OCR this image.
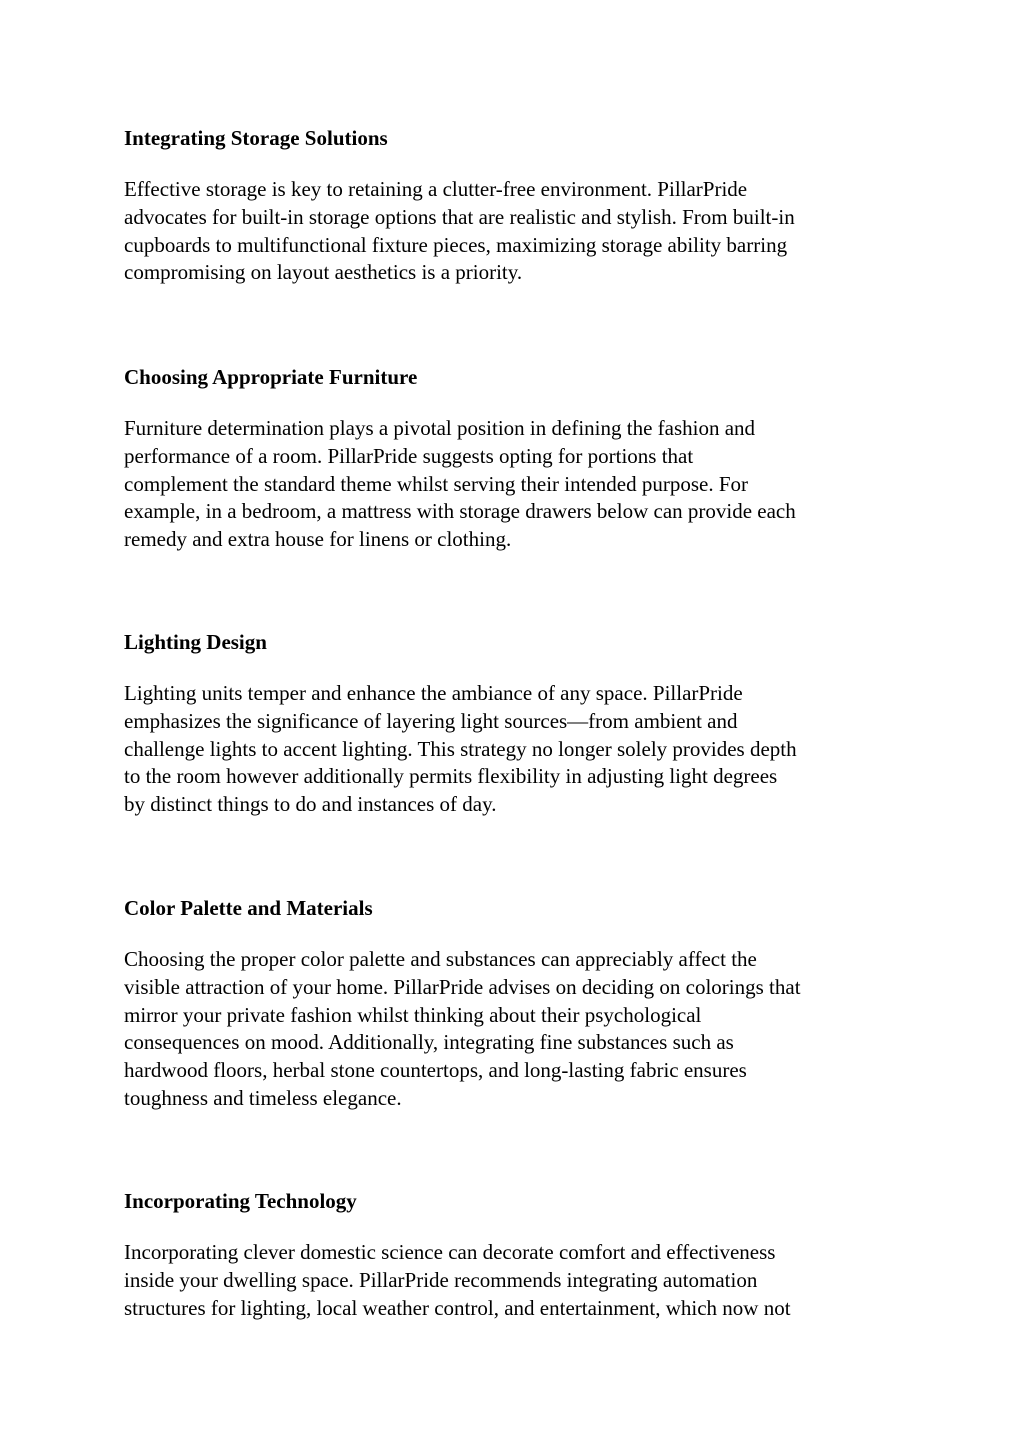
Integrating Storage Solutions

Effective storage is key to retaining a clutter-free environment. PillarPride
advocates for built-in storage options that are realistic and stylish. From built-in
cupboards to multifunctional fixture pieces, maximizing storage ability barring
compromising on layout aesthetics is a priority.

Choosing Appropriate Furniture

Furniture determination plays a pivotal position in defining the fashion and
performance of a room. PillarPride suggests opting for portions that
complement the standard theme whilst serving their intended purpose. For
example, in a bedroom, a mattress with storage drawers below can provide each
remedy and extra house for linens or clothing.

Lighting Design

Lighting units temper and enhance the ambiance of any space. PillarPride
emphasizes the significance of layering light sources—from ambient and
challenge lights to accent lighting. This strategy no longer solely provides depth
to the room however additionally permits flexibility in adjusting light degrees
by distinct things to do and instances of day.

Color Palette and Materials

Choosing the proper color palette and substances can appreciably affect the
visible attraction of your home. PillarPride advises on deciding on colorings that
mirror your private fashion whilst thinking about their psychological
consequences on mood. Additionally, integrating fine substances such as
hardwood floors, herbal stone countertops, and long-lasting fabric ensures
toughness and timeless elegance.

Incorporating Technology

Incorporating clever domestic science can decorate comfort and effectiveness
inside your dwelling space. PillarPride recommends integrating automation
structures for lighting, local weather control, and entertainment, which now not
